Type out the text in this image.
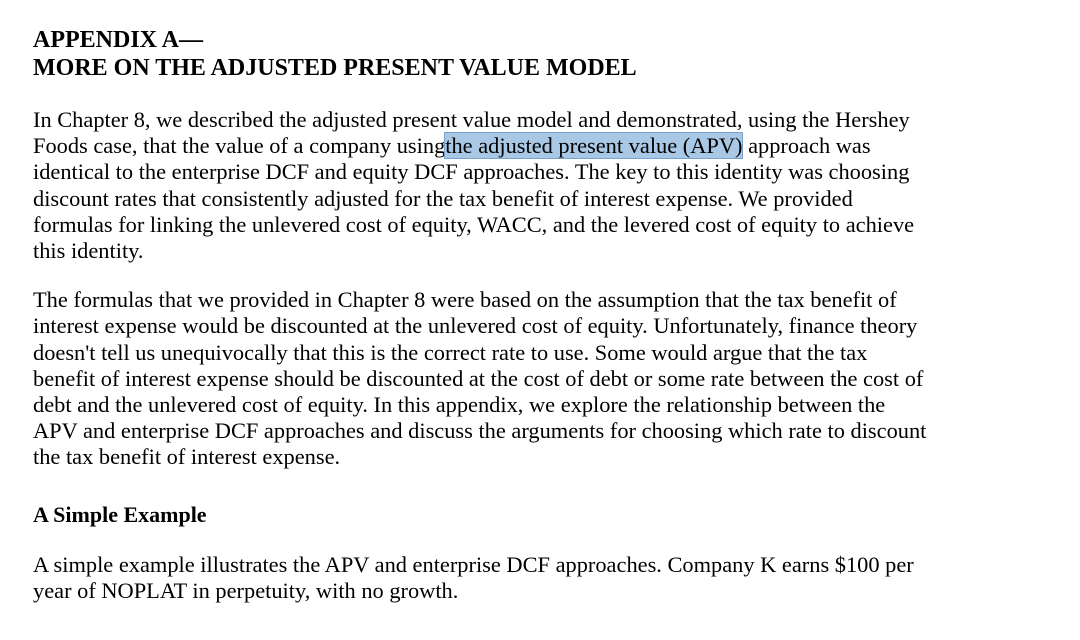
APPENDIX A—
MORE ON THE ADJUSTED PRESENT VALUE MODEL

In Chapter 8, we described the adjusted present value model and demonstrated, using the Hershey
Foods case, that the value of a company usingthe adjusted present value (APV) approach was
identical to the enterprise DCF and equity DCF approaches. The key to this identity was choosing
discount rates that consistently adjusted for the tax benefit of interest expense. We provided
formulas for linking the unlevered cost of equity, WACC, and the levered cost of equity to achieve
this identity.

The formulas that we provided in Chapter 8 were based on the assumption that the tax benefit of
interest expense would be discounted at the unlevered cost of equity. Unfortunately, finance theory
doesn't tell us unequivocally that this is the correct rate to use. Some would argue that the tax
benefit of interest expense should be discounted at the cost of debt or some rate between the cost of
debt and the unlevered cost of equity. In this appendix, we explore the relationship between the
APV and enterprise DCF approaches and discuss the arguments for choosing which rate to discount
the tax benefit of interest expense.

A Simple Example

A simple example illustrates the APV and enterprise DCF approaches. Company K earns $100 per
year of NOPLAT in perpetuity, with no growth.
